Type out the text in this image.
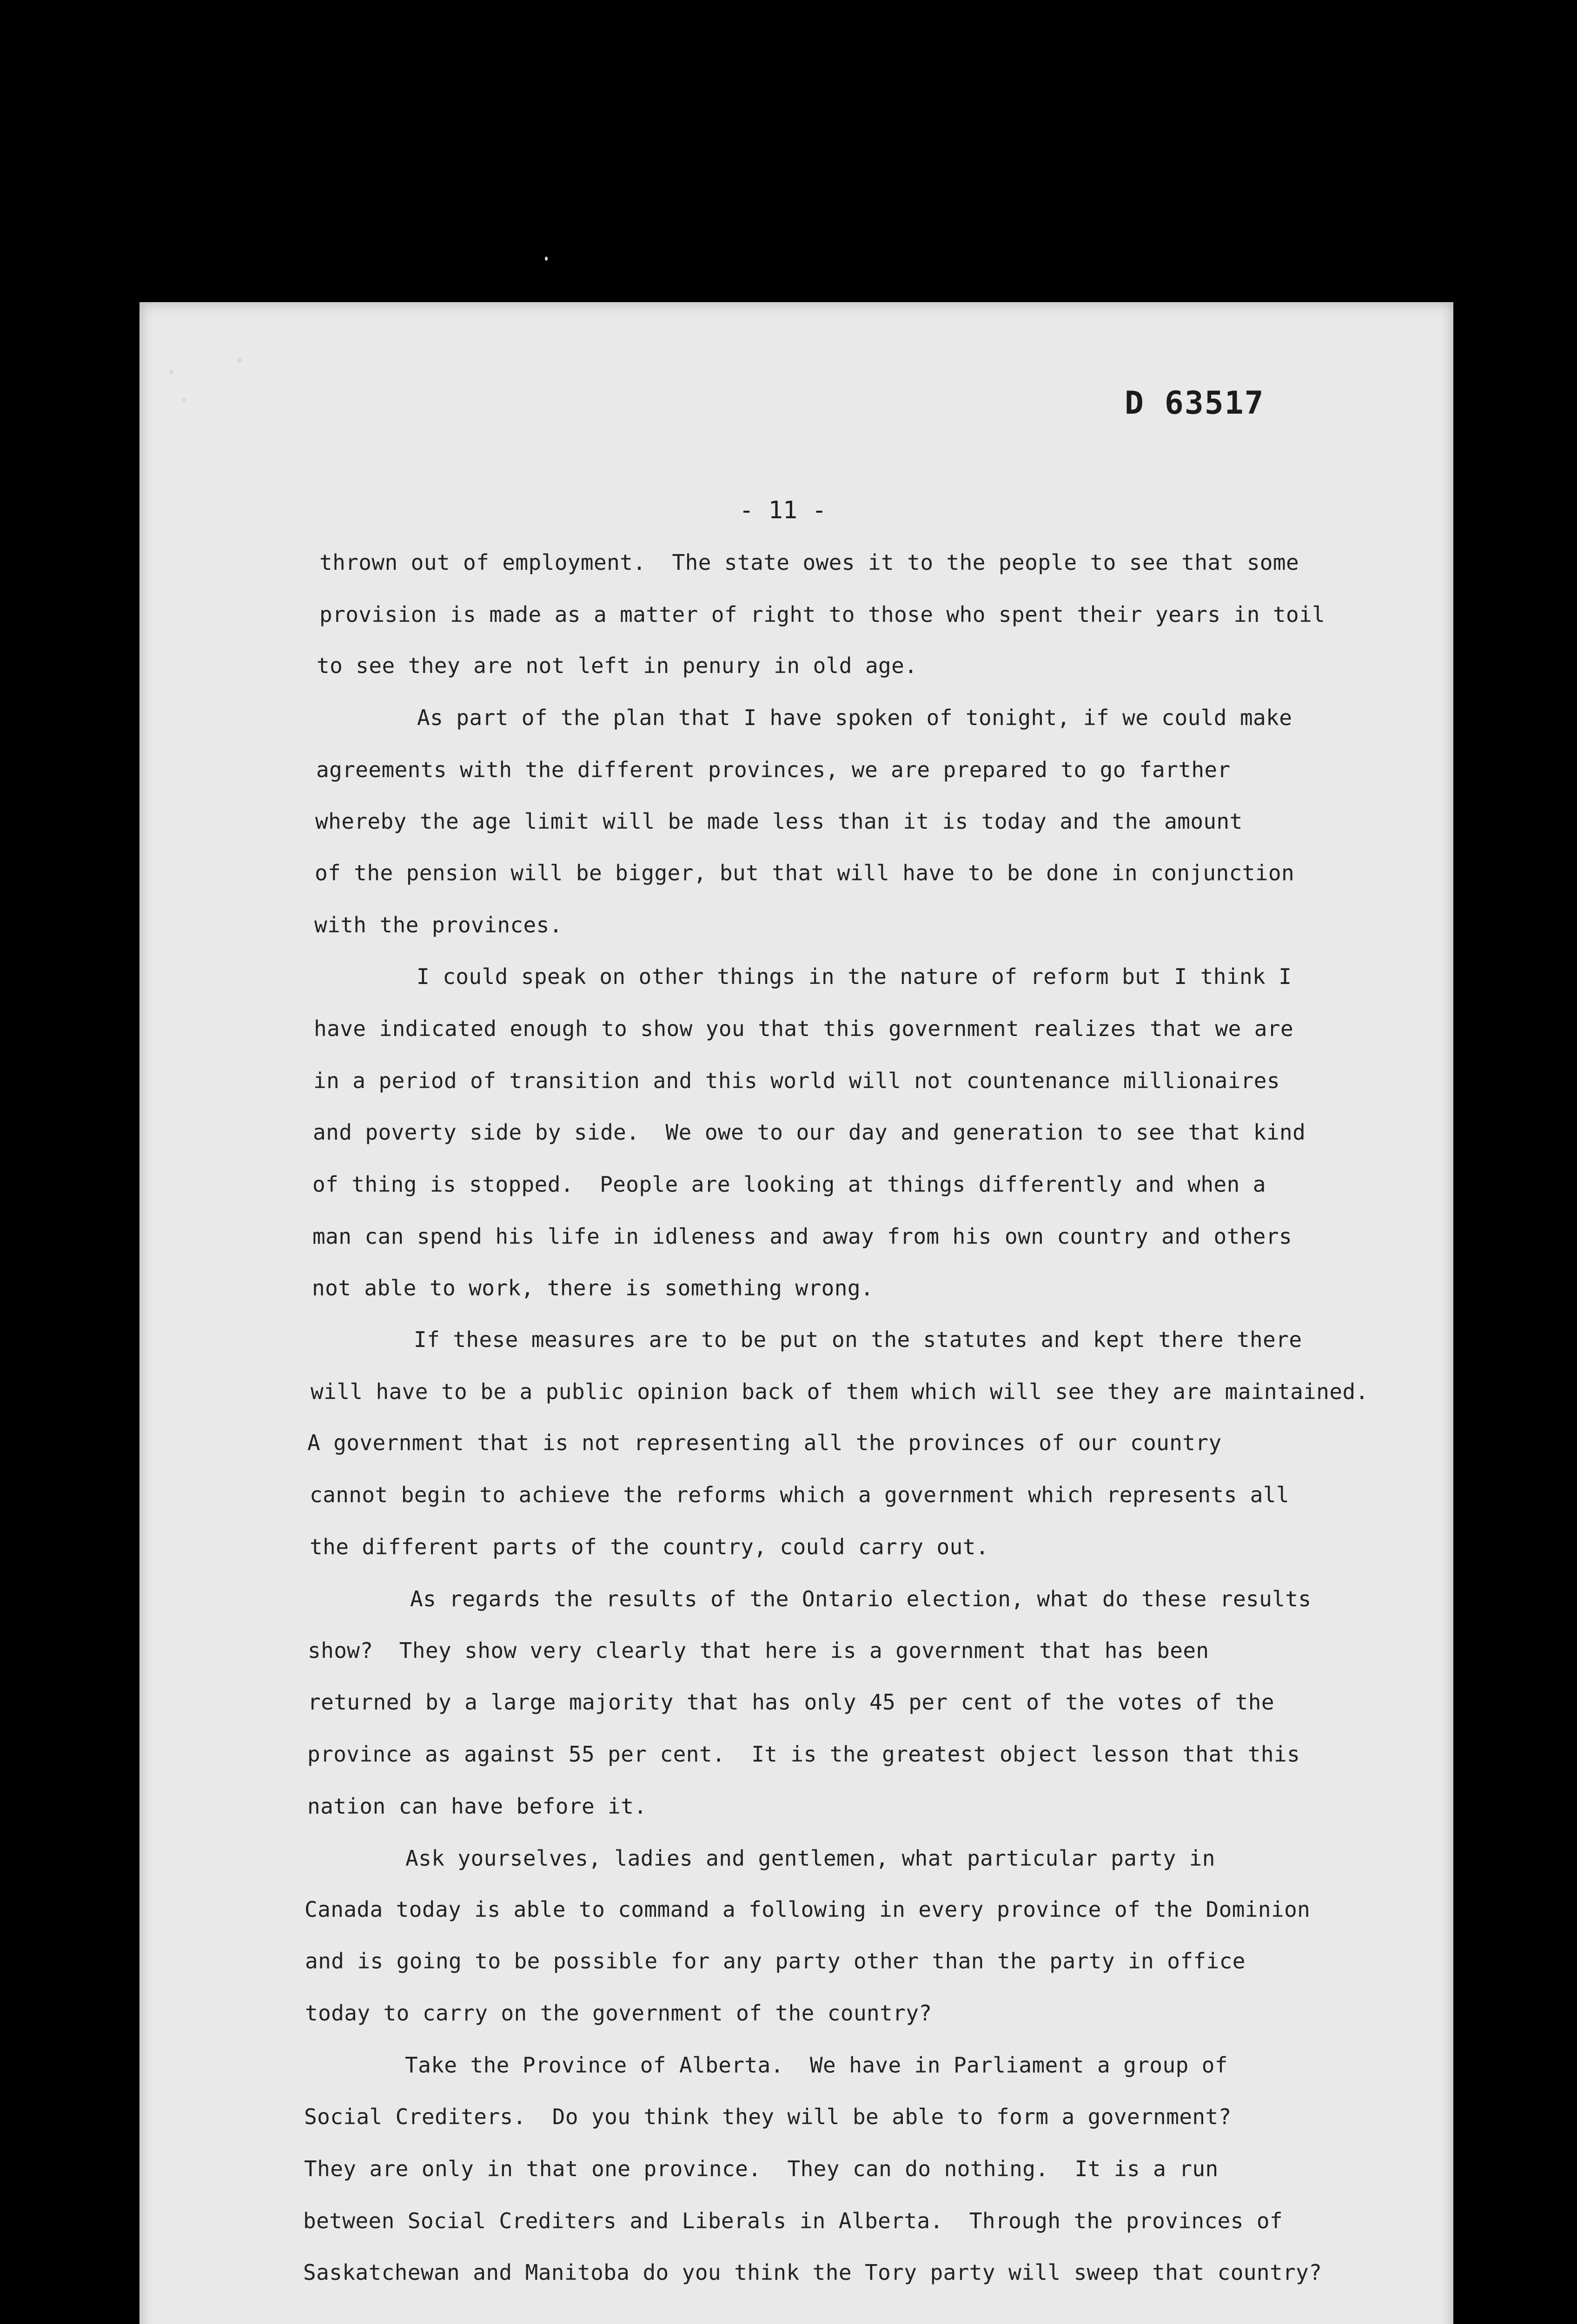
D 63517
- 11 -
thrown out of employment.  The state owes it to the people to see that some
provision is made as a matter of right to those who spent their years in toil
to see they are not left in penury in old age.
As part of the plan that I have spoken of tonight, if we could make
agreements with the different provinces, we are prepared to go farther
whereby the age limit will be made less than it is today and the amount
of the pension will be bigger, but that will have to be done in conjunction
with the provinces.
I could speak on other things in the nature of reform but I think I
have indicated enough to show you that this government realizes that we are
in a period of transition and this world will not countenance millionaires
and poverty side by side.  We owe to our day and generation to see that kind
of thing is stopped.  People are looking at things differently and when a
man can spend his life in idleness and away from his own country and others
not able to work, there is something wrong.
If these measures are to be put on the statutes and kept there there
will have to be a public opinion back of them which will see they are maintained.
A government that is not representing all the provinces of our country
cannot begin to achieve the reforms which a government which represents all
the different parts of the country, could carry out.
As regards the results of the Ontario election, what do these results
show?  They show very clearly that here is a government that has been
returned by a large majority that has only 45 per cent of the votes of the
province as against 55 per cent.  It is the greatest object lesson that this
nation can have before it.
Ask yourselves, ladies and gentlemen, what particular party in
Canada today is able to command a following in every province of the Dominion
and is going to be possible for any party other than the party in office
today to carry on the government of the country?
Take the Province of Alberta.  We have in Parliament a group of
Social Crediters.  Do you think they will be able to form a government?
They are only in that one province.  They can do nothing.  It is a run
between Social Crediters and Liberals in Alberta.  Through the provinces of
Saskatchewan and Manitoba do you think the Tory party will sweep that country?
